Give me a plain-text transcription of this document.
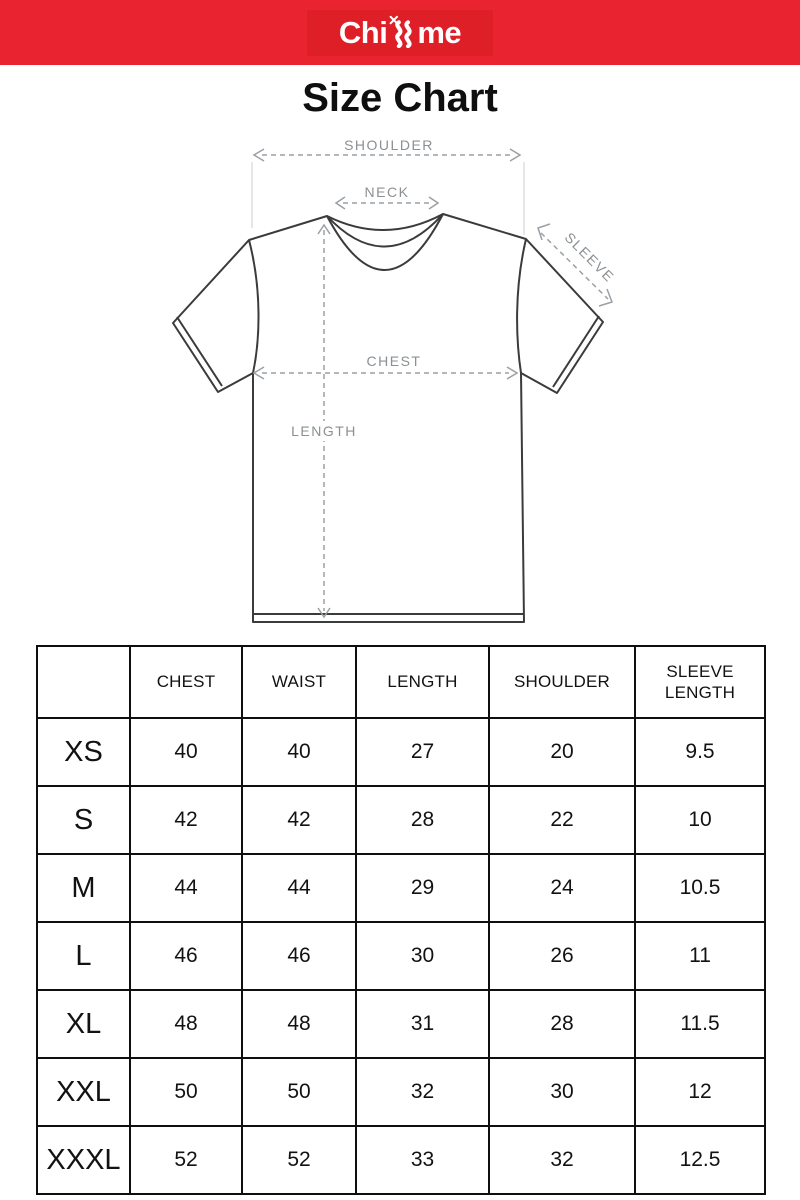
Chi me
Size Chart
SHOULDER
NECK
SLEEVE
CHEST
LENGTH
	CHEST	WAIST	LENGTH	SHOULDER	SLEEVE LENGTH
XS	40	40	27	20	9.5
S	42	42	28	22	10
M	44	44	29	24	10.5
L	46	46	30	26	11
XL	48	48	31	28	11.5
XXL	50	50	32	30	12
XXXL	52	52	33	32	12.5
